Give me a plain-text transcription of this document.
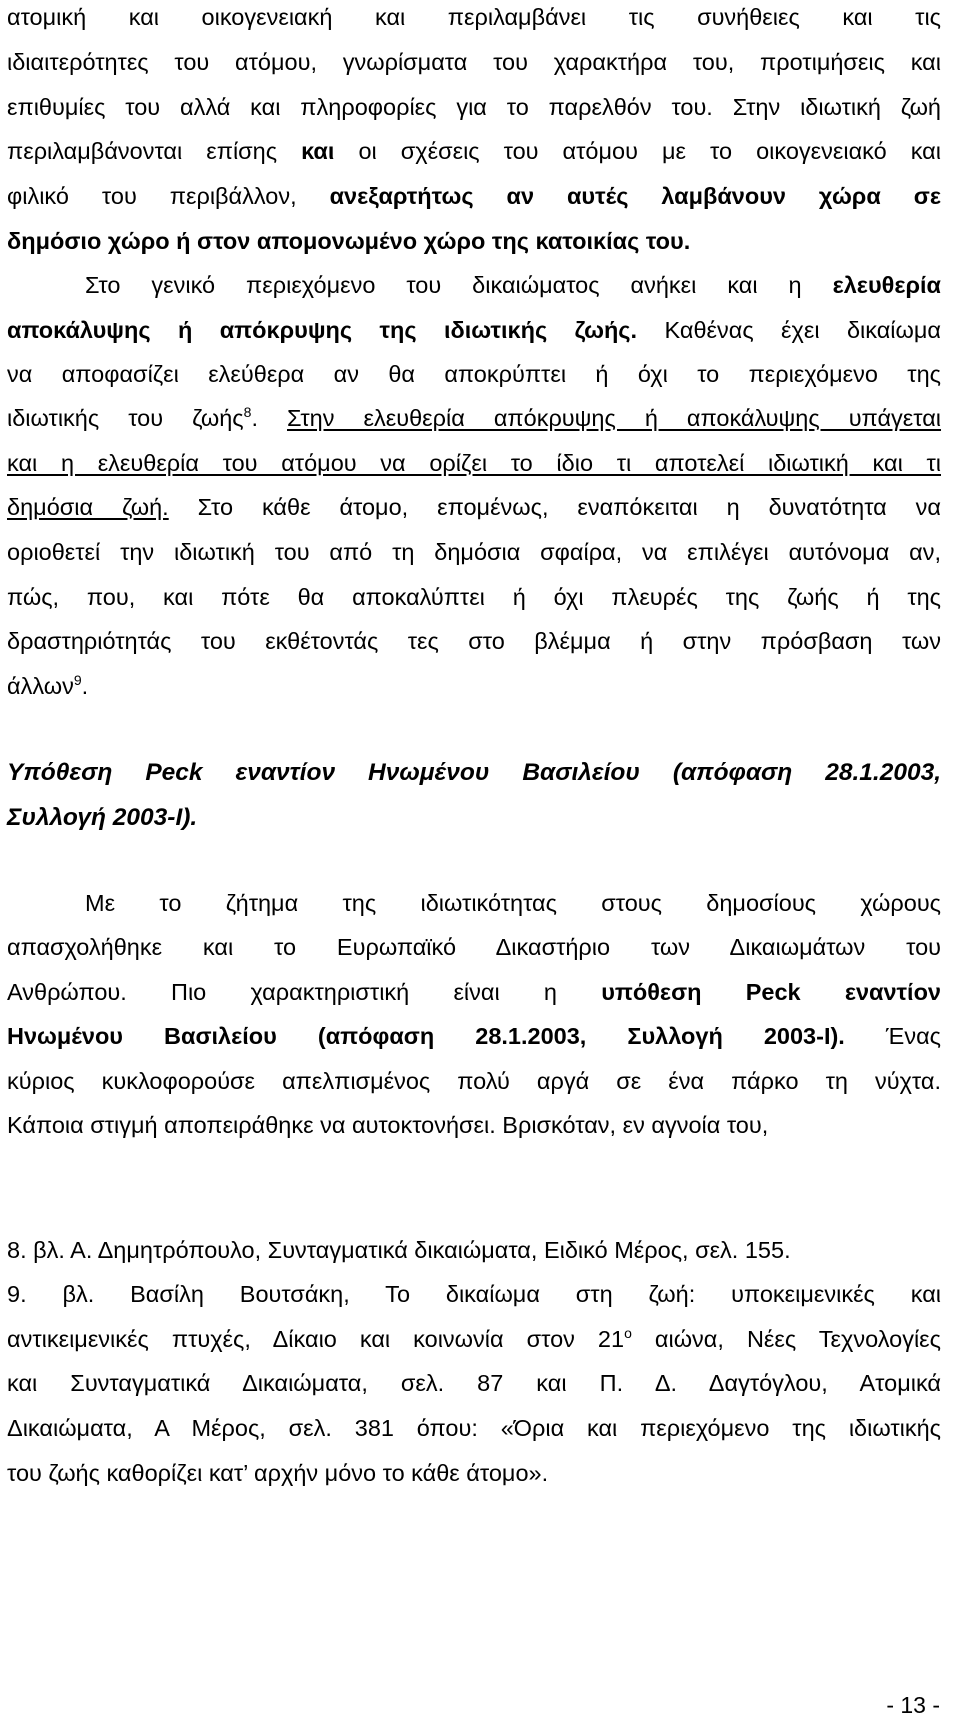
ατομική και οικογενειακή και περιλαμβάνει τις συνήθειες και τις
ιδιαιτερότητες του ατόμου, γνωρίσματα του χαρακτήρα του, προτιμήσεις και
επιθυμίες του αλλά και πληροφορίες για το παρελθόν του. Στην ιδιωτική ζωή
περιλαμβάνονται επίσης και οι σχέσεις του ατόμου με το οικογενειακό και
φιλικό του περιβάλλον, ανεξαρτήτως αν αυτές λαμβάνουν χώρα σε
δημόσιο χώρο ή στον απομονωμένο χώρο της κατοικίας του.
Στο γενικό περιεχόμενο του δικαιώματος ανήκει και η ελευθερία
αποκάλυψης ή απόκρυψης της ιδιωτικής ζωής. Καθένας έχει δικαίωμα
να αποφασίζει ελεύθερα αν θα αποκρύπτει ή όχι το περιεχόμενο της
ιδιωτικής του ζωής$^8$. Στην ελευθερία απόκρυψης ή αποκάλυψης υπάγεται
και η ελευθερία του ατόμου να ορίζει το ίδιο τι αποτελεί ιδιωτική και τι
δημόσια ζωή. Στο κάθε άτομο, επομένως, εναπόκειται η δυνατότητα να
οριοθετεί την ιδιωτική του από τη δημόσια σφαίρα, να επιλέγει αυτόνομα αν,
πώς, που, και πότε θα αποκαλύπτει ή όχι πλευρές της ζωής ή της
δραστηριότητάς του εκθέτοντάς τες στο βλέμμα ή στην πρόσβαση των
άλλων$^9$.
Υπόθεση Peck εναντίον Ηνωμένου Βασιλείου (απόφαση 28.1.2003,
Συλλογή 2003-I).
Με το ζήτημα της ιδιωτικότητας στους δημοσίους χώρους
απασχολήθηκε και το Ευρωπαϊκό Δικαστήριο των Δικαιωμάτων του
Ανθρώπου. Πιο χαρακτηριστική είναι η υπόθεση Peck εναντίον
Ηνωμένου Βασιλείου (απόφαση 28.1.2003, Συλλογή 2003-I). Ένας
κύριος κυκλοφορούσε απελπισμένος πολύ αργά σε ένα πάρκο τη νύχτα.
Κάποια στιγμή αποπειράθηκε να αυτοκτονήσει. Βρισκόταν, εν αγνοία του,
8. βλ. Α. Δημητρόπουλο, Συνταγματικά δικαιώματα, Ειδικό Μέρος, σελ. 155.
9. βλ. Βασίλη Βουτσάκη, Το δικαίωμα στη ζωή: υποκειμενικές και
αντικειμενικές πτυχές, Δίκαιο και κοινωνία στον $21^o$ αιώνα, Νέες Τεχνολογίες
και Συνταγματικά Δικαιώματα, σελ. 87 και Π. Δ. Δαγτόγλου, Ατομικά
Δικαιώματα, Α Μέρος, σελ. 381 όπου: «Όρια και περιεχόμενο της ιδιωτικής
του ζωής καθορίζει κατ’ αρχήν μόνο το κάθε άτομο».
- 13 -
